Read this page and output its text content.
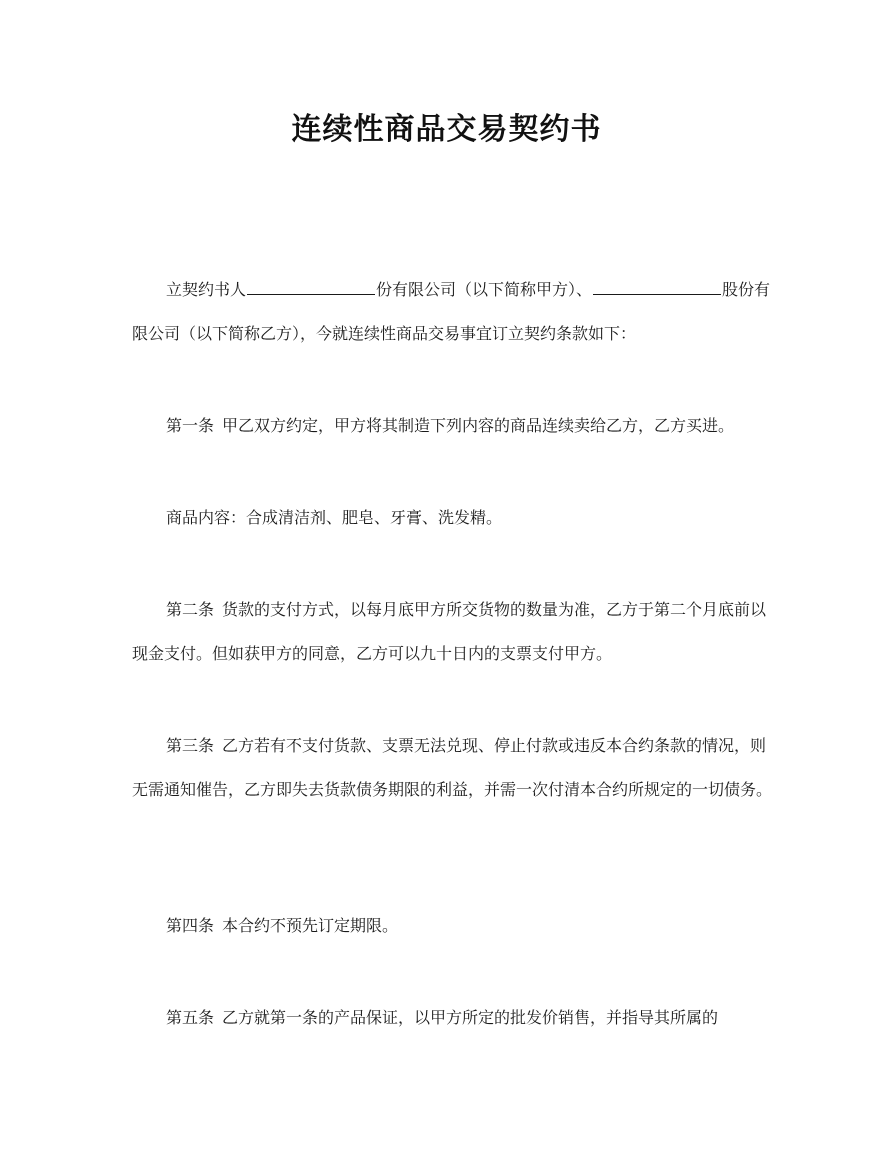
连续性商品交易契约书

立契约书人	份有限公司（以下简称甲方）、	股份有限公司（以下简称乙方），今就连续性商品交易事宜订立契约条款如下：

第一条 甲乙双方约定，甲方将其制造下列内容的商品连续卖给乙方，乙方买进。

商品内容：合成清洁剂、肥皂、牙膏、洗发精。

第二条 货款的支付方式，以每月底甲方所交货物的数量为准，乙方于第二个月底前以现金支付。但如获甲方的同意，乙方可以九十日内的支票支付甲方。

第三条 乙方若有不支付货款、支票无法兑现、停止付款或违反本合约条款的情况，则无需通知催告，乙方即失去货款债务期限的利益，并需一次付清本合约所规定的一切债务。

第四条 本合约不预先订定期限。

第五条 乙方就第一条的产品保证，以甲方所定的批发价销售，并指导其所属的
